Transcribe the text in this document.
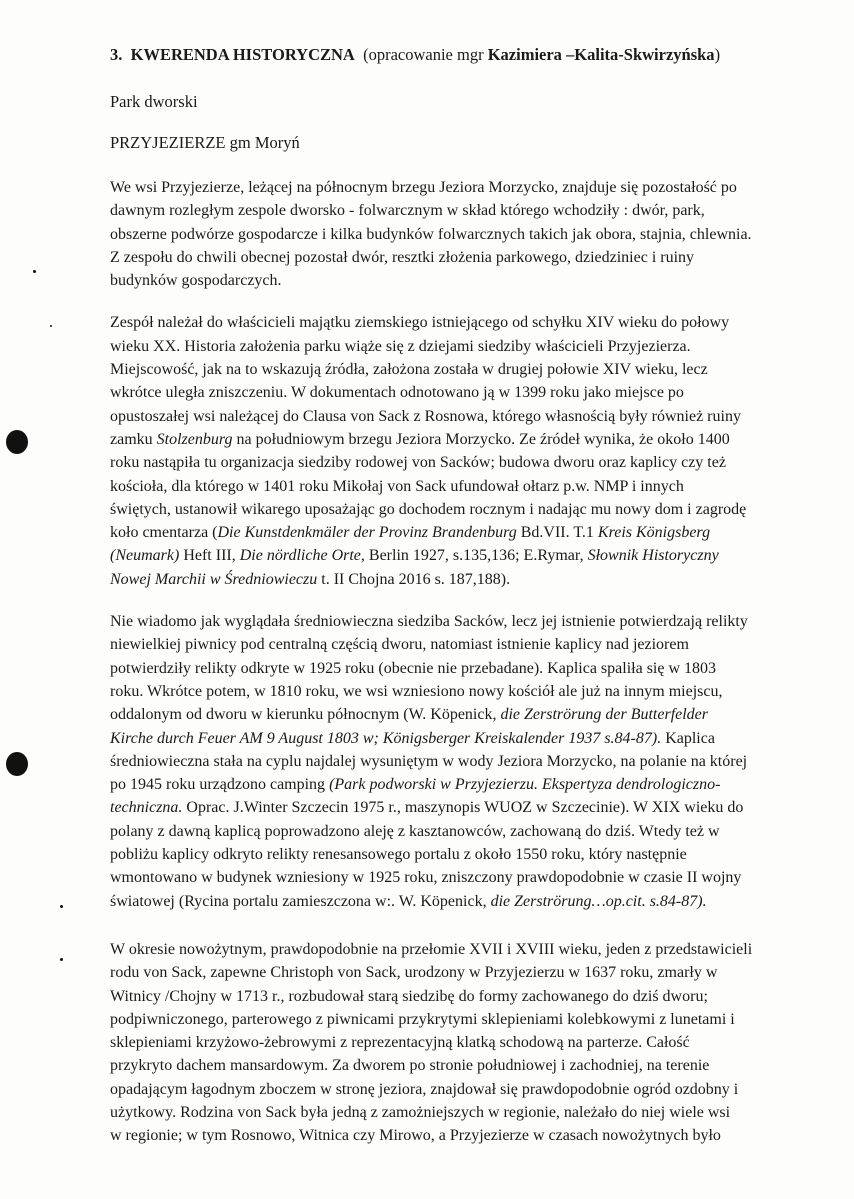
3. KWERENDA HISTORYCZNA (opracowanie mgr Kazimiera –Kalita-Skwirzyńska)

Park dworski

PRZYJEZIERZE gm Moryń

We wsi Przyjezierze, leżącej na północnym brzegu Jeziora Morzycko, znajduje się pozostałość po
dawnym rozległym zespole dworsko - folwarcznym w skład którego wchodziły : dwór, park,
obszerne podwórze gospodarcze i kilka budynków folwarcznych takich jak obora, stajnia, chlewnia.
Z zespołu do chwili obecnej pozostał dwór, resztki złożenia parkowego, dziedziniec i ruiny
budynków gospodarczych.
Zespół należał do właścicieli majątku ziemskiego istniejącego od schyłku XIV wieku do połowy
wieku XX. Historia założenia parku wiąże się z dziejami siedziby właścicieli Przyjezierza.
Miejscowość, jak na to wskazują źródła, założona została w drugiej połowie XIV wieku, lecz
wkrótce uległa zniszczeniu. W dokumentach odnotowano ją w 1399 roku jako miejsce po
opustoszałej wsi należącej do Clausa von Sack z Rosnowa, którego własnością były również ruiny
zamku Stolzenburg na południowym brzegu Jeziora Morzycko. Ze źródeł wynika, że około 1400
roku nastąpiła tu organizacja siedziby rodowej von Sacków; budowa dworu oraz kaplicy czy też
kościoła, dla którego w 1401 roku Mikołaj von Sack ufundował ołtarz p.w. NMP i innych
świętych, ustanowił wikarego uposażając go dochodem rocznym i nadając mu nowy dom i zagrodę
koło cmentarza (Die Kunstdenkmäler der Provinz Brandenburg Bd.VII. T.1 Kreis Königsberg
(Neumark) Heft III, Die nördliche Orte, Berlin 1927, s.135,136; E.Rymar, Słownik Historyczny
Nowej Marchii w Średniowieczu t. II Chojna 2016 s. 187,188).
Nie wiadomo jak wyglądała średniowieczna siedziba Sacków, lecz jej istnienie potwierdzają relikty
niewielkiej piwnicy pod centralną częścią dworu, natomiast istnienie kaplicy nad jeziorem
potwierdziły relikty odkryte w 1925 roku (obecnie nie przebadane). Kaplica spaliła się w 1803
roku. Wkrótce potem, w 1810 roku, we wsi wzniesiono nowy kościół ale już na innym miejscu,
oddalonym od dworu w kierunku północnym (W. Köpenick, die Zerströrung der Butterfelder
Kirche durch Feuer AM 9 August 1803 w; Königsberger Kreiskalender 1937 s.84-87). Kaplica
średniowieczna stała na cyplu najdalej wysuniętym w wody Jeziora Morzycko, na polanie na której
po 1945 roku urządzono camping (Park podworski w Przyjezierzu. Ekspertyza dendrologiczno-
techniczna. Oprac. J.Winter Szczecin 1975 r., maszynopis WUOZ w Szczecinie). W XIX wieku do
polany z dawną kaplicą poprowadzono aleję z kasztanowców, zachowaną do dziś. Wtedy też w
pobliżu kaplicy odkryto relikty renesansowego portalu z około 1550 roku, który następnie
wmontowano w budynek wzniesiony w 1925 roku, zniszczony prawdopodobnie w czasie II wojny
światowej (Rycina portalu zamieszczona w:. W. Köpenick, die Zerströrung…op.cit. s.84-87).
W okresie nowożytnym, prawdopodobnie na przełomie XVII i XVIII wieku, jeden z przedstawicieli
rodu von Sack, zapewne Christoph von Sack, urodzony w Przyjezierzu w 1637 roku, zmarły w
Witnicy /Chojny w 1713 r., rozbudował starą siedzibę do formy zachowanego do dziś dworu;
podpiwniczonego, parterowego z piwnicami przykrytymi sklepieniami kolebkowymi z lunetami i
sklepieniami krzyżowo-żebrowymi z reprezentacyjną klatką schodową na parterze. Całość
przykryto dachem mansardowym. Za dworem po stronie południowej i zachodniej, na terenie
opadającym łagodnym zboczem w stronę jeziora, znajdował się prawdopodobnie ogród ozdobny i
użytkowy. Rodzina von Sack była jedną z zamożniejszych w regionie, należało do niej wiele wsi
w regionie; w tym Rosnowo, Witnica czy Mirowo, a Przyjezierze w czasach nowożytnych było
